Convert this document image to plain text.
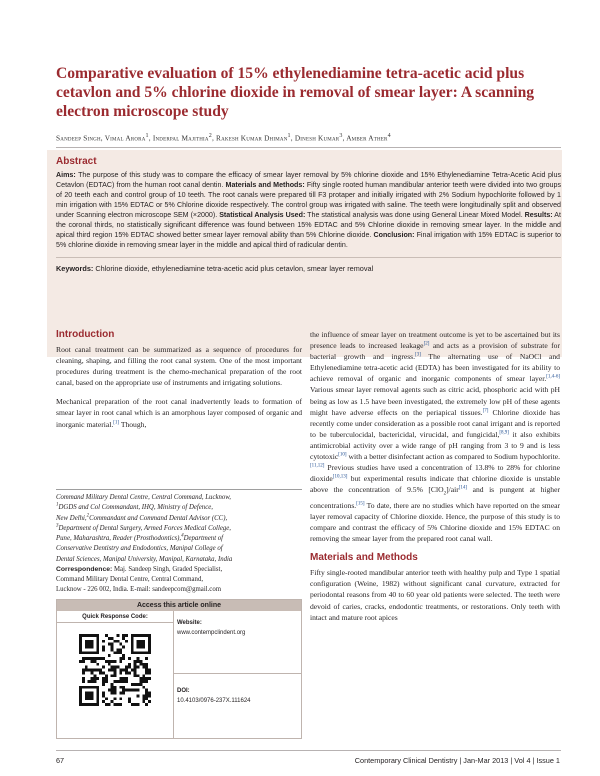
Comparative evaluation of 15% ethylenediamine tetra-acetic acid plus cetavlon and 5% chlorine dioxide in removal of smear layer: A scanning electron microscope study
Sandeep Singh, Vimal Arora$^1$, Inderpal Majithia$^2$, Rakesh Kumar Dhiman$^1$, Dinesh Kumar$^3$, Amber Ather$^4$
Abstract
Aims: The purpose of this study was to compare the efficacy of smear layer removal by 5% chlorine dioxide and 15% Ethylenediamine Tetra-Acetic Acid plus Cetavlon (EDTAC) from the human root canal dentin. Materials and Methods: Fifty single rooted human mandibular anterior teeth were divided into two groups of 20 teeth each and control group of 10 teeth. The root canals were prepared till F3 protaper and initially irrigated with 2% Sodium hypochlorite followed by 1 min irrigation with 15% EDTAC or 5% Chlorine dioxide respectively. The control group was irrigated with saline. The teeth were longitudinally split and observed under Scanning electron microscope SEM (×2000). Statistical Analysis Used: The statistical analysis was done using General Linear Mixed Model. Results: At the coronal thirds, no statistically significant difference was found between 15% EDTAC and 5% Chlorine dioxide in removing smear layer. In the middle and apical third region 15% EDTAC showed better smear layer removal ability than 5% Chlorine dioxide. Conclusion: Final irrigation with 15% EDTAC is superior to 5% chlorine dioxide in removing smear layer in the middle and apical third of radicular dentin.
Keywords: Chlorine dioxide, ethylenediamine tetra-acetic acid plus cetavlon, smear layer removal
Introduction

Root canal treatment can be summarized as a sequence of procedures for cleaning, shaping, and filling the root canal system. One of the most important procedures during treatment is the chemo-mechanical preparation of the root canal, based on the appropriate use of instruments and irrigating solutions.

Mechanical preparation of the root canal inadvertently leads to formation of smear layer in root canal which is an amorphous layer composed of organic and inorganic material.[1] Though,

Command Military Dental Centre, Central Command, Lucknow,
$^1$DGDS and Col Commandant, IHQ, Ministry of Defence,
New Delhi,$^2$Commandant and Command Dental Advisor (CC),
$^3$Department of Dental Surgery, Armed Forces Medical College,
Pune, Maharashtra, Reader (Prosthodontics),$^4$Department of
Conservative Dentistry and Endodontics, Manipal College of
Dental Sciences, Manipal University, Manipal, Karnataka, India
Correspondence: Maj. Sandeep Singh, Graded Specialist,
Command Military Dental Centre, Central Command,
Lucknow - 226 002, India. E-mail: sandeepcom@gmail.com
Access this article online
Quick Response Code:
Website:
www.contempclindent.org
DOI:
10.4103/0976-237X.111624

the influence of smear layer on treatment outcome is yet to be ascertained but its presence leads to increased leakage[2] and acts as a provision of substrate for bacterial growth and ingress.[3] The alternating use of NaOCl and Ethylenediamine tetra-acetic acid (EDTA) has been investigated for its ability to achieve removal of organic and inorganic components of smear layer.[1,4-6] Various smear layer removal agents such as citric acid, phosphoric acid with pH being as low as 1.5 have been investigated, the extremely low pH of these agents might have adverse effects on the periapical tissues.[7] Chlorine dioxide has recently come under consideration as a possible root canal irrigant and is reported to be tuberculocidal, bactericidal, virucidal, and fungicidal,[8,9] it also exhibits antimicrobial activity over a wide range of pH ranging from 3 to 9 and is less cytotoxic[10] with a better disinfectant action as compared to Sodium hypochlorite.[11,12] Previous studies have used a concentration of 13.8% to 28% for chlorine dioxide[10,13] but experimental results indicate that chlorine dioxide is unstable above the concentration of 9.5% [ClO$_2$]/air[14] and is pungent at higher concentrations.[15] To date, there are no studies which have reported on the smear layer removal capacity of Chlorine dioxide. Hence, the purpose of this study is to compare and contrast the efficacy of 5% Chlorine dioxide and 15% EDTAC on removing the smear layer from the prepared root canal wall.

Materials and Methods

Fifty single-rooted mandibular anterior teeth with healthy pulp and Type 1 spatial configuration (Weine, 1982) without significant canal curvature, extracted for periodontal reasons from 40 to 60 year old patients were selected. The teeth were devoid of caries, cracks, endodontic treatments, or restorations. Only teeth with intact and mature root apices

67	Contemporary Clinical Dentistry | Jan-Mar 2013 | Vol 4 | Issue 1
